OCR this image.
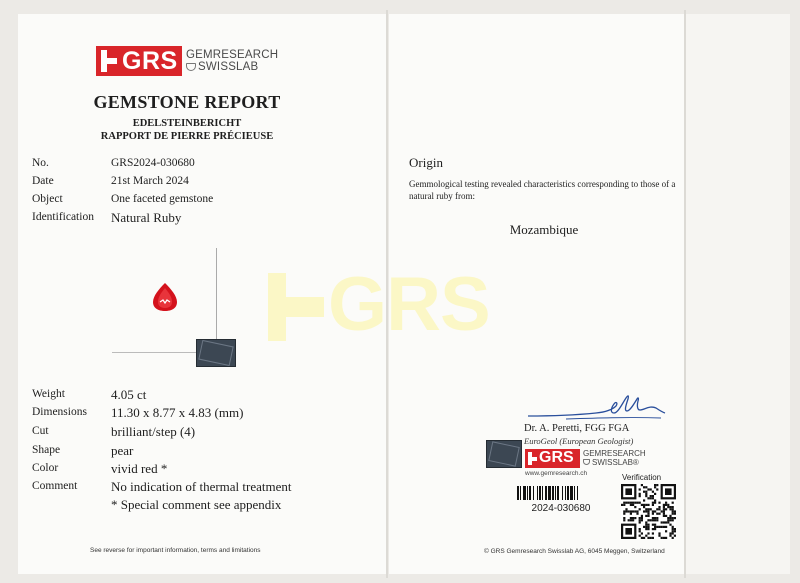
GRS
GRS GEMRESEARCH
SWISSLAB
GEMSTONE REPORT
EDELSTEINBERICHT
RAPPORT DE PIERRE PRÉCIEUSE
No.	GRS2024-030680
Date	21st March 2024
Object	One faceted gemstone
Identification Natural Ruby
Weight	4.05 ct
Dimensions 11.30 x 8.77 x 4.83 (mm)
Cut	brilliant/step (4)
Shape	pear
Color	vivid red *
Comment	No indication of thermal treatment
* Special comment see appendix
Origin
Gemmological testing revealed characteristics corresponding to those of a natural ruby from:
Mozambique
Dr. A. Peretti, FGG FGA
EuroGeol (European Geologist)
GRS GEMRESEARCH
SWISSLAB®
www.gemresearch.ch	Verification
2024-030680
See reverse for important information, terms and limitations	© GRS Gemresearch Swisslab AG, 6045 Meggen, Switzerland
